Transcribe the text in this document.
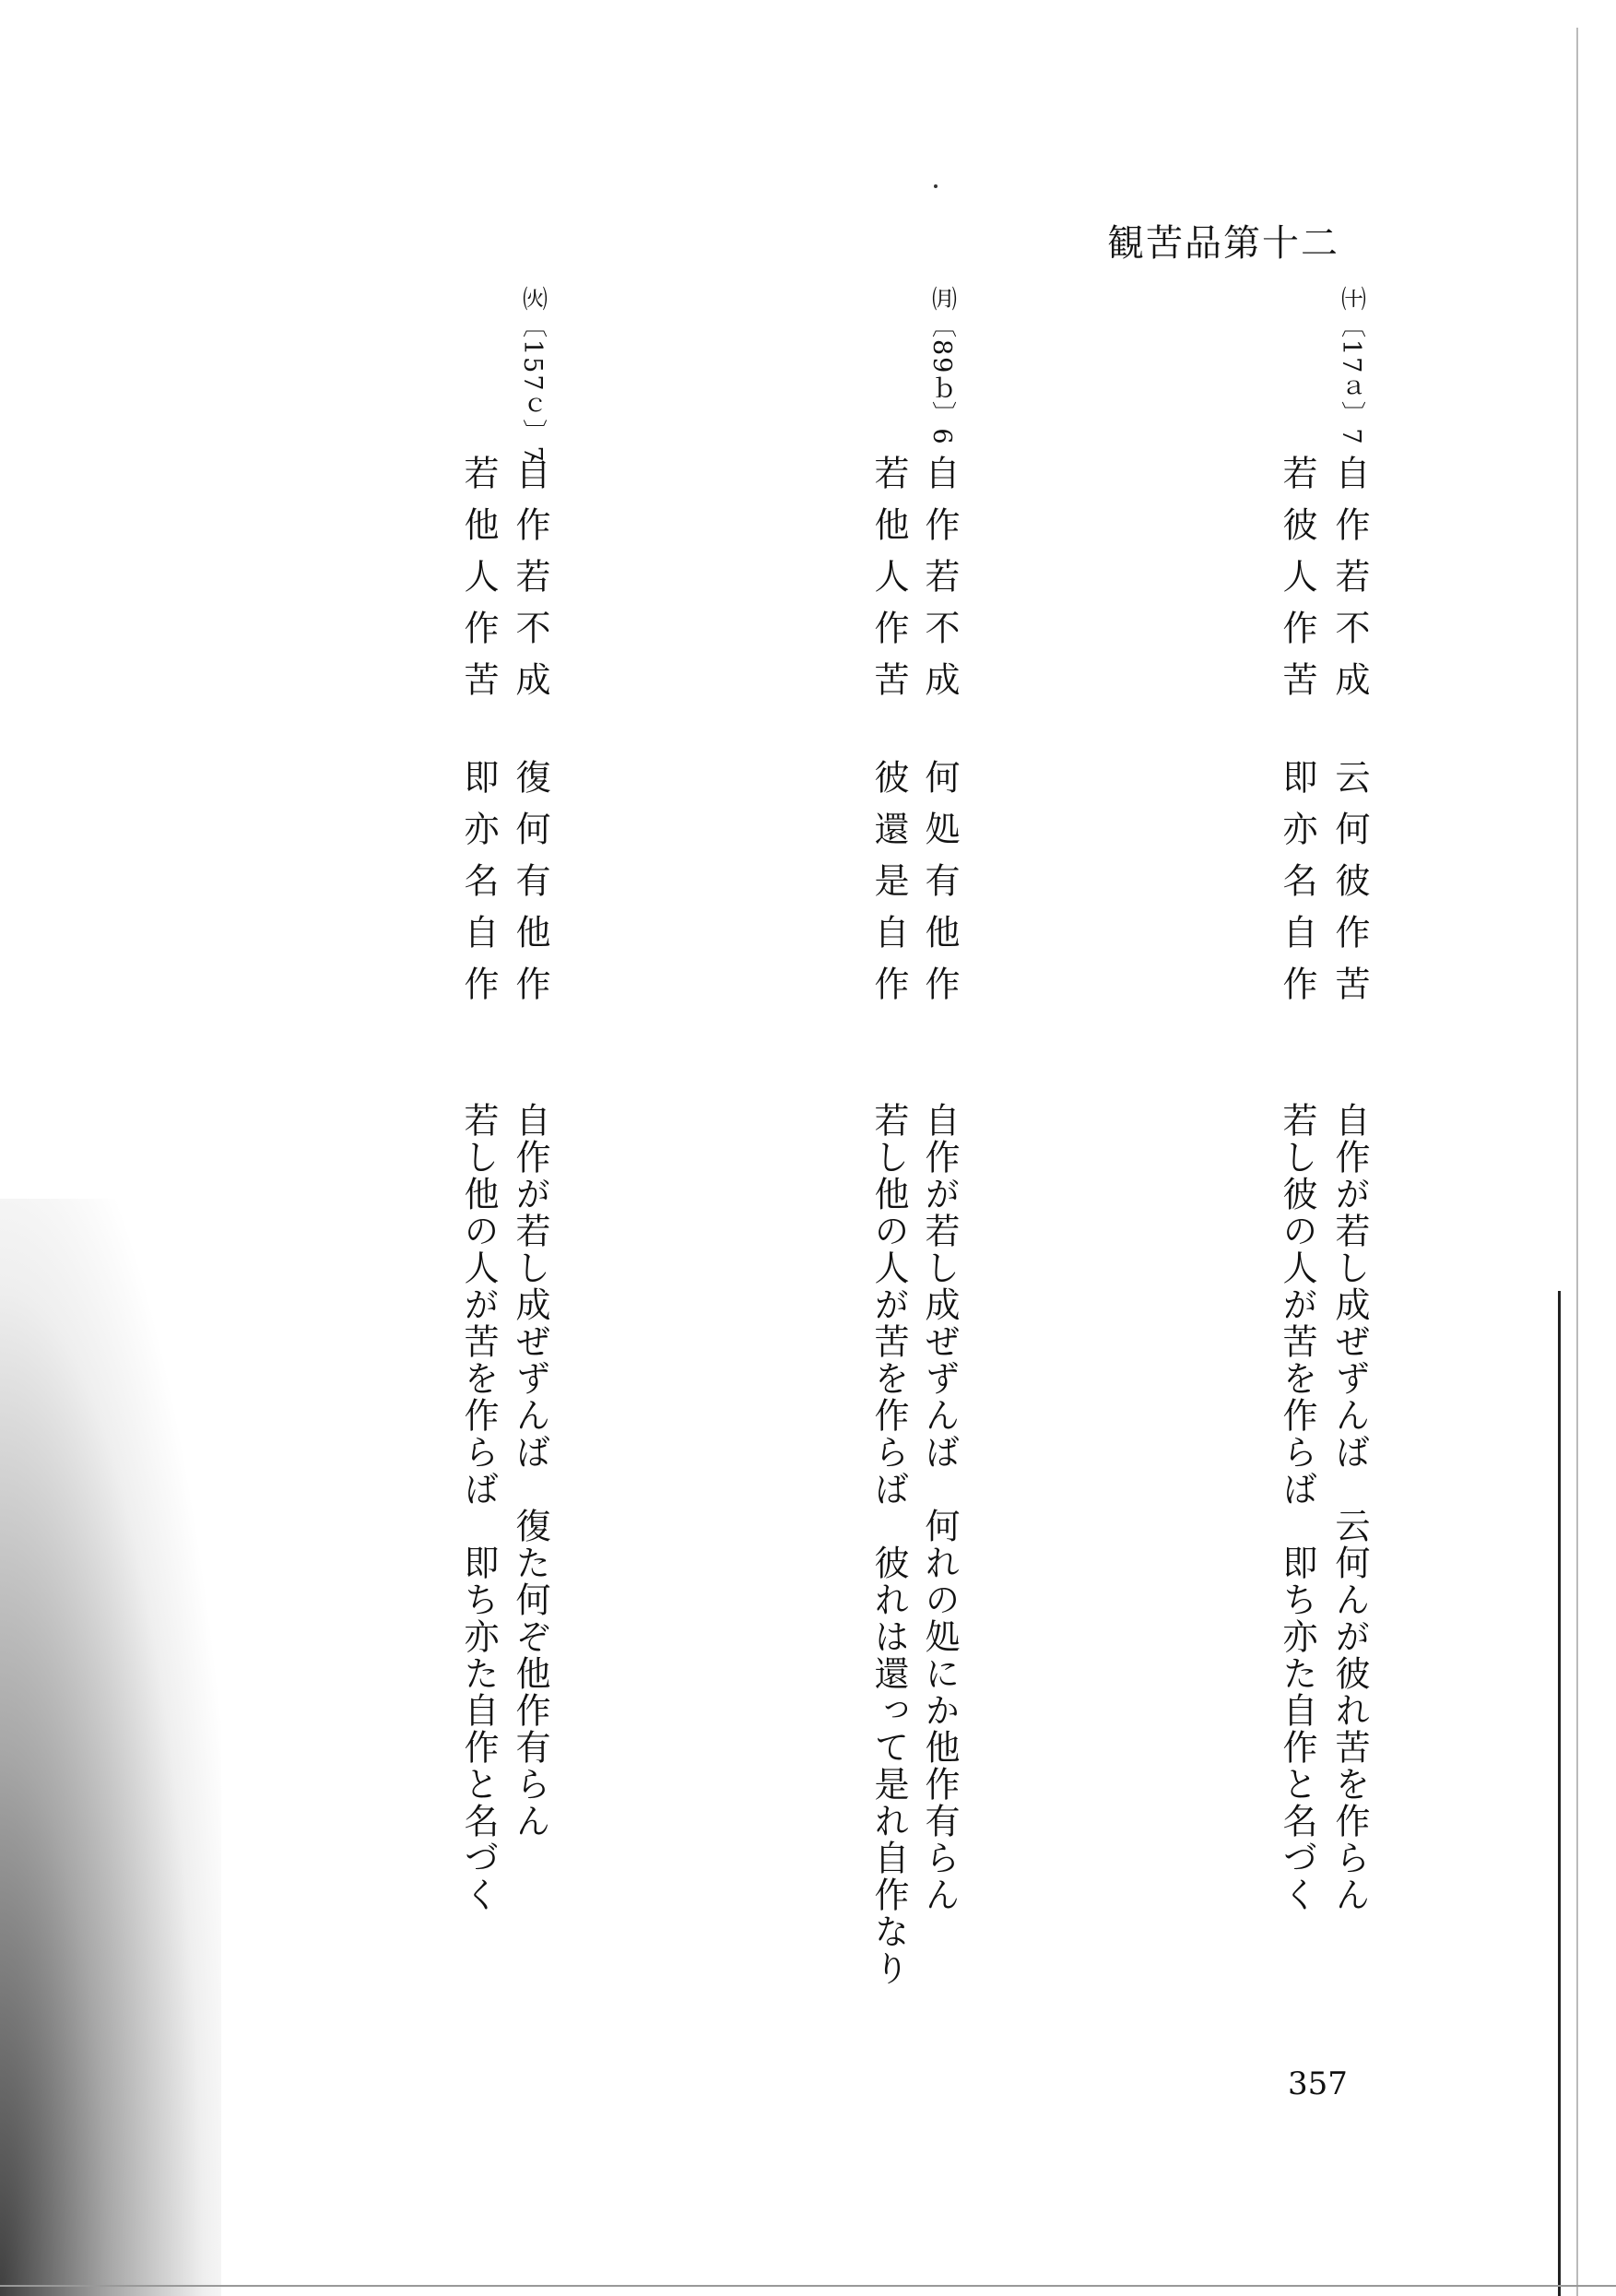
観苦品第十二
㈩〔17ａ〕7
自作若不成
云何彼作苦
若彼人作苦
即亦名自作
自作が若し成ぜずんば　云何んが彼れ苦を作らん
若し彼の人が苦を作らば　即ち亦た自作と名づく
㈪〔89ｂ〕6
自作若不成
何処有他作
若他人作苦
彼還是自作
自作が若し成ぜずんば　何れの処にか他作有らん
若し他の人が苦を作らば　彼れは還って是れ自作なり
㈫〔157ｃ〕7
自作若不成
復何有他作
若他人作苦
即亦名自作
自作が若し成ぜずんば　復た何ぞ他作有らん
若し他の人が苦を作らば　即ち亦た自作と名づく
357
